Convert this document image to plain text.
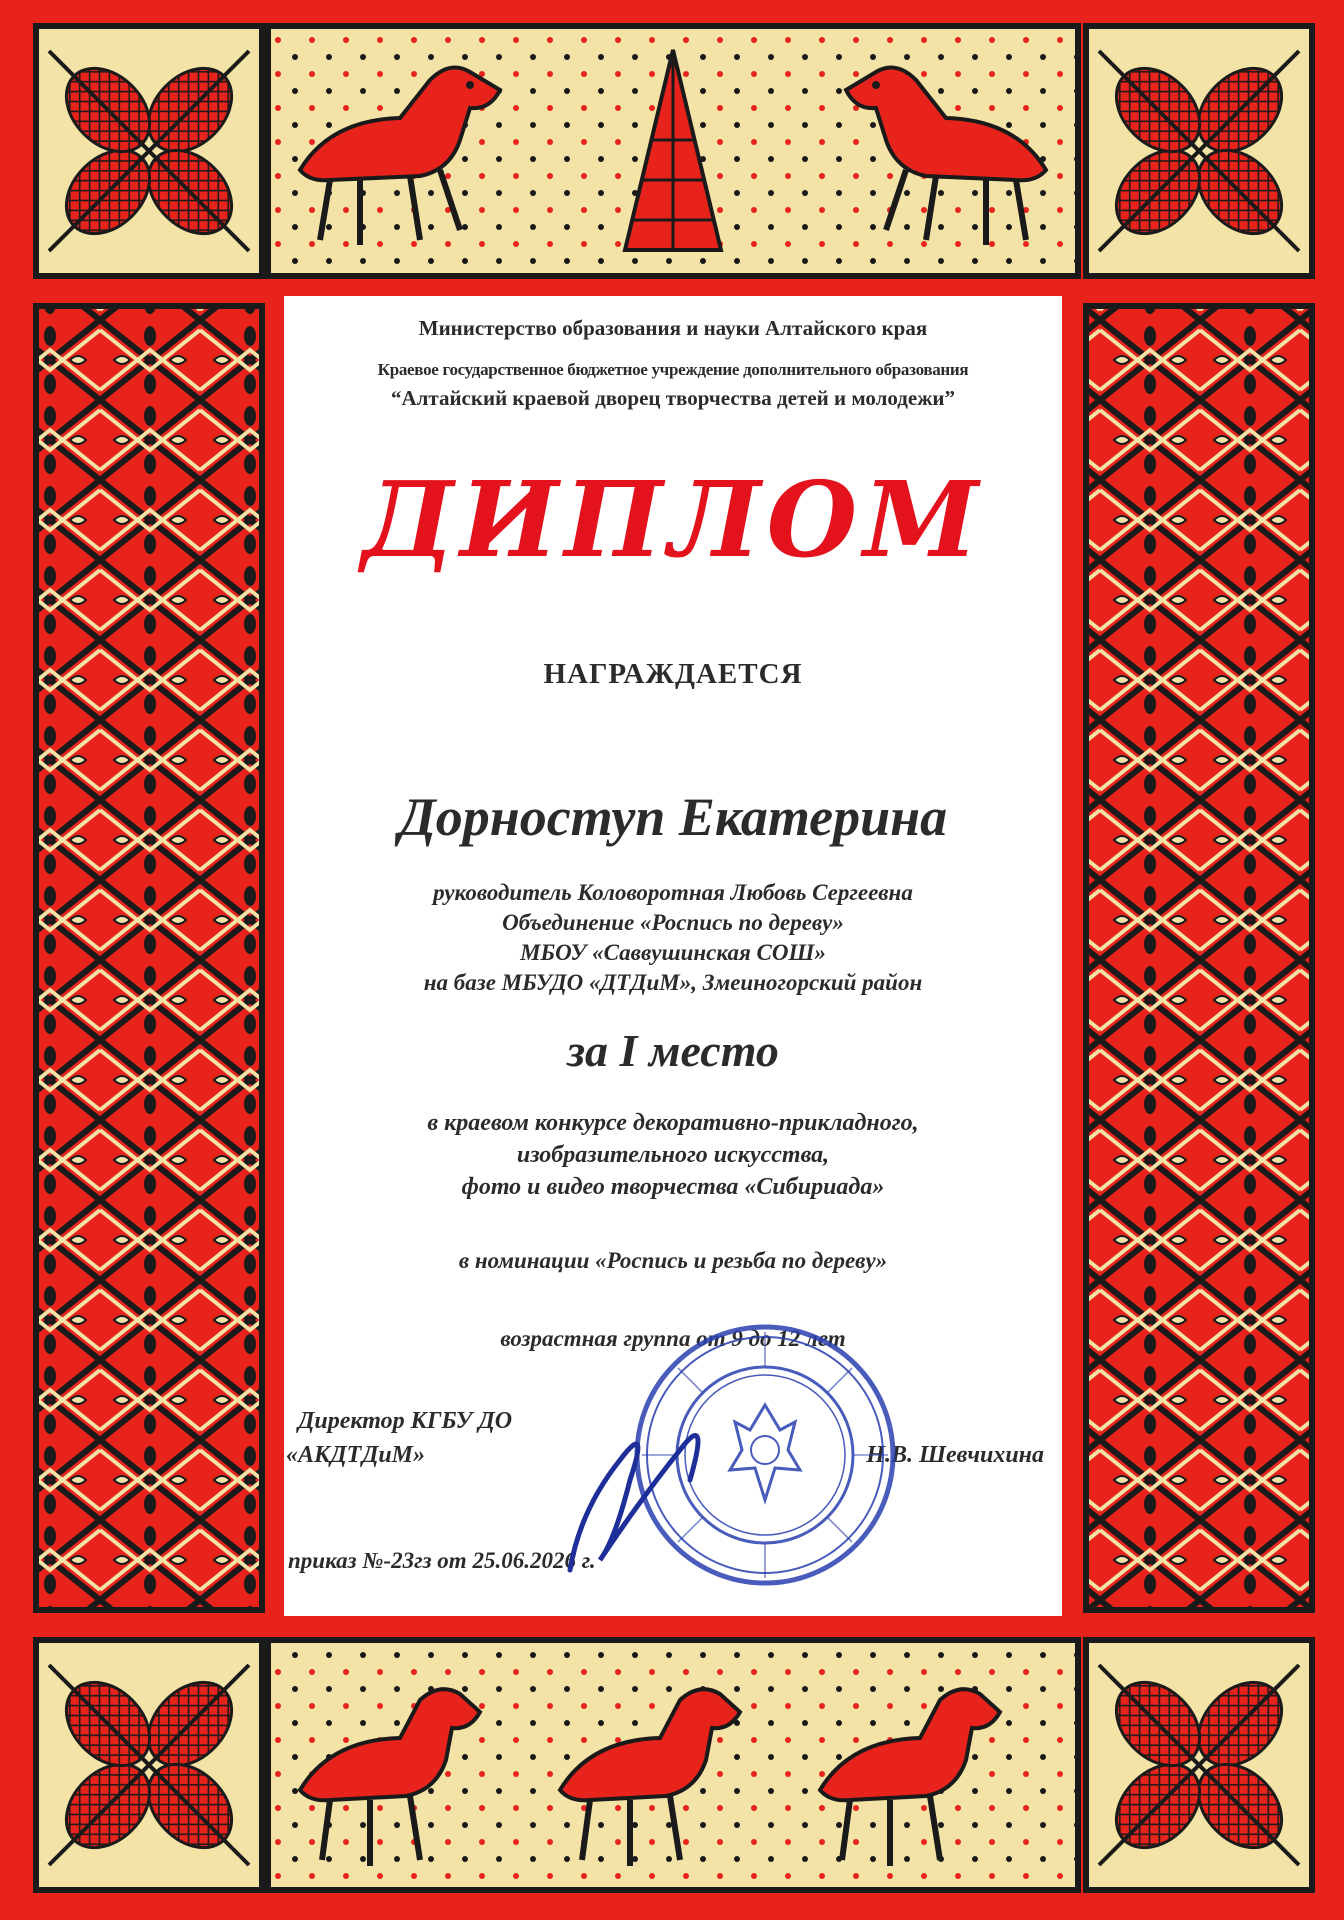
Министерство образования и науки Алтайского края

Краевое государственное бюджетное учреждение дополнительного образования

“Алтайский краевой дворец творчества детей и молодежи”

ДИПЛОМ

НАГРАЖДАЕТСЯ

Дорноступ Екатерина

руководитель Коловоротная Любовь Сергеевна

Объединение «Роспись по дереву»

МБОУ «Саввушинская СОШ»

на базе МБУДО «ДТДиМ», Змеиногорский район

за I место

в краевом конкурсе декоративно-прикладного,

изобразительного искусства,

фото и видео творчества «Сибириада»

в номинации «Роспись и резьба по дереву»

возрастная группа от 9 до 12 лет

Директор КГБУ ДО

«АКДТДиМ»	Н.В. Шевчихина

приказ №-23гз от 25.06.2026 г.
